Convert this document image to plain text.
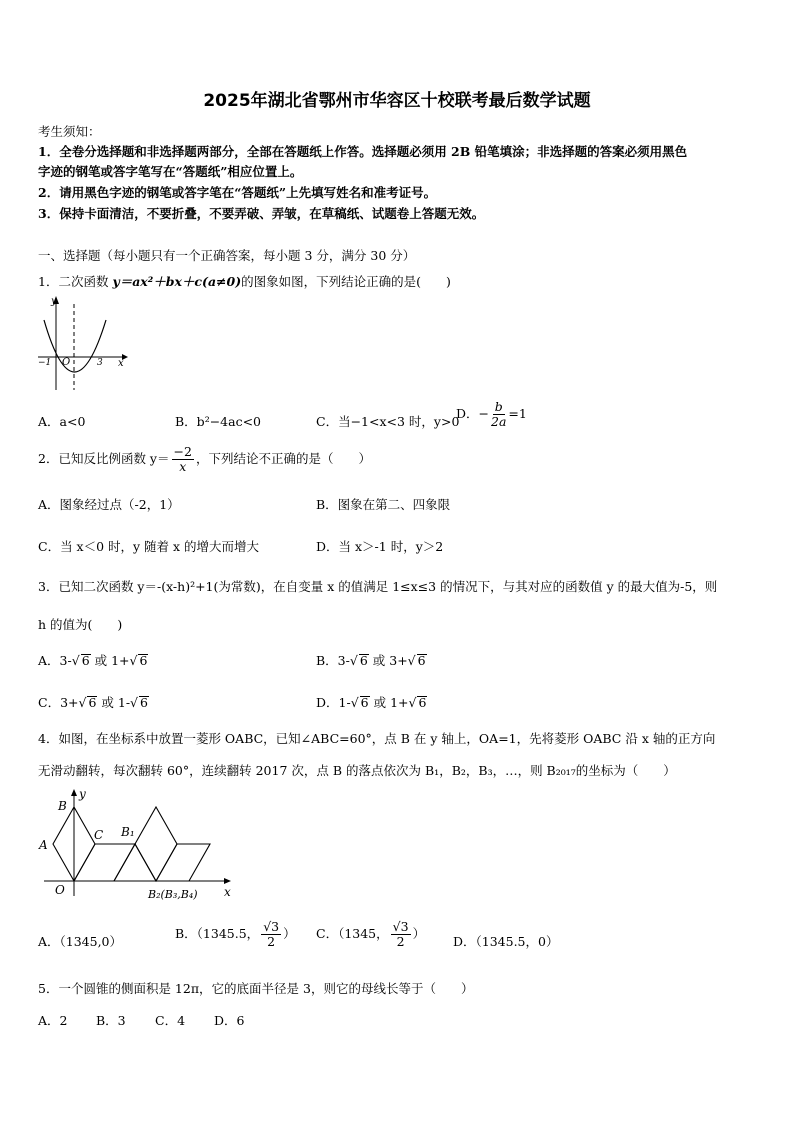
2025年湖北省鄂州市华容区十校联考最后数学试题
考生须知：
1．全卷分选择题和非选择题两部分，全部在答题纸上作答。选择题必须用 2B 铅笔填涂；非选择题的答案必须用黑色
字迹的钢笔或答字笔写在“答题纸”相应位置上。
2．请用黑色字迹的钢笔或答字笔在“答题纸”上先填写姓名和准考证号。
3．保持卡面清洁，不要折叠，不要弄破、弄皱，在草稿纸、试题卷上答题无效。
一、选择题（每小题只有一个正确答案，每小题 3 分，满分 30 分）
1．二次函数 y＝ax²＋bx＋c(a≠0)的图象如图，下列结论正确的是(　　)
y
x
−1 O	3
A．a<0	B．b²−4ac<0	C．当−1<x<3 时，y>0
D．− $\frac{b}{2a} =1$
2．已知反比例函数 $y= \frac{-2}{x}$ ，下列结论不正确的是（　　）
A．图象经过点（-2，1）	B．图象在第二、四象限
C．当 x＜0 时，y 随着 x 的增大而增大	D．当 x＞-1 时，y＞2
3．已知二次函数 y＝-(x-h)²+1(为常数)，在自变量 x 的值满足 1≤x≤3 的情况下，与其对应的函数值 y 的最大值为-5，则
h 的值为(　　)
A．3-√ 6 或 1+√ 6	B．3-√ 6 或 3+√ 6
C．3+√ 6 或 1-√ 6	D．1-√ 6 或 1+√ 6
4．如图，在坐标系中放置一菱形 OABC，已知∠ABC=60°，点 B 在 y 轴上，OA=1，先将菱形 OABC 沿 x 轴的正方向
无滑动翻转，每次翻转 60°，连续翻转 2017 次，点 B 的落点依次为 B₁，B₂，B₃，…，则 B₂₀₁₇的坐标为（　　）
B
y
C B₁
A
O	B₂(B₃,B₄) x
A．（1345,0）
B．（1345.5， $\frac{√3}{2}$ ） C．（1345， $\frac{√3}{2}$ ）
D．（1345.5，0）
5．一个圆锥的侧面积是 12π，它的底面半径是 3，则它的母线长等于（　　）
A．2 B．3 C．4 D．6
